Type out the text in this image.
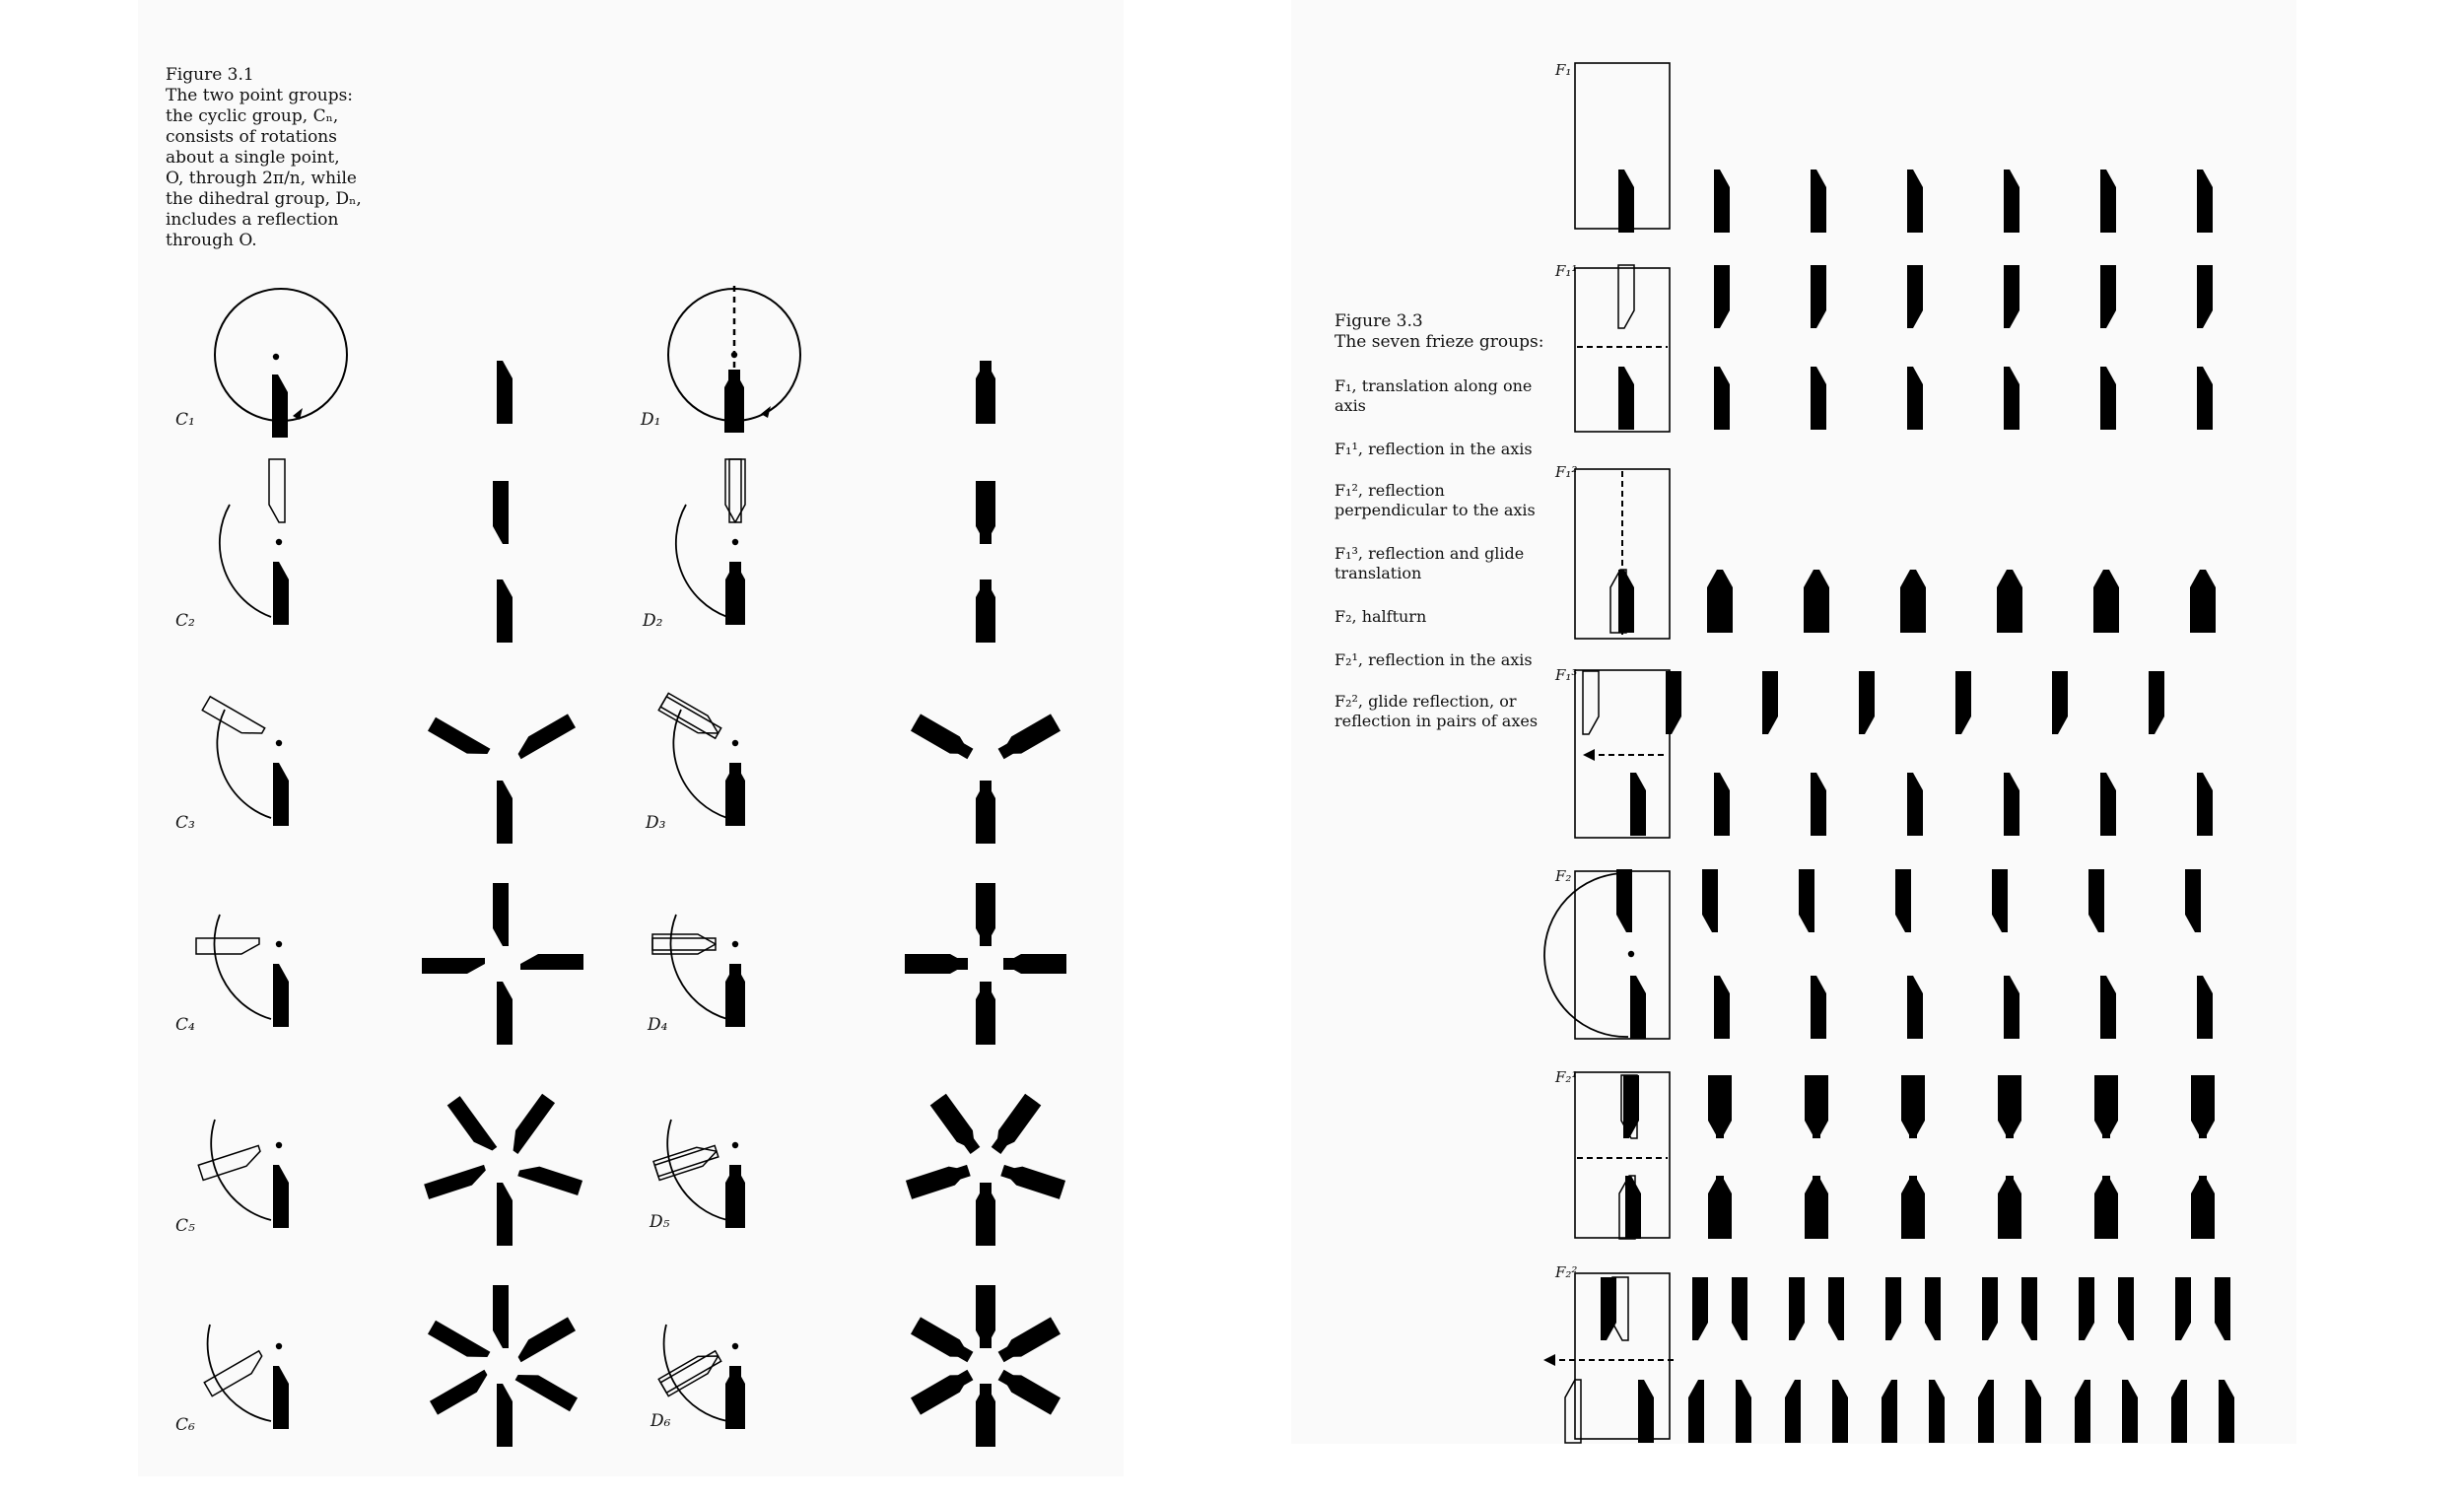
Figure 3.1
The two point groups: the cyclic group, Cₙ, consists of rotations about a single point, O, through 2π/n, while the dihedral group, Dₙ, includes a reflection through O.
C₁
C₂
C₃
C₄
C₅
C₆
D₁
D₂
D₃
D₄
D₅
D₆
Figure 3.3
The seven frieze groups:
F₁, translation along one axis
F₁¹, reflection in the axis
F₁², reflection perpendicular to the axis
F₁³, reflection and glide translation
F₂, halfturn
F₂¹, reflection in the axis
F₂², glide reflection, or reflection in pairs of axes
F₁
F₁¹
F₁²
F₁³
F₂
F₂¹
F₂²
